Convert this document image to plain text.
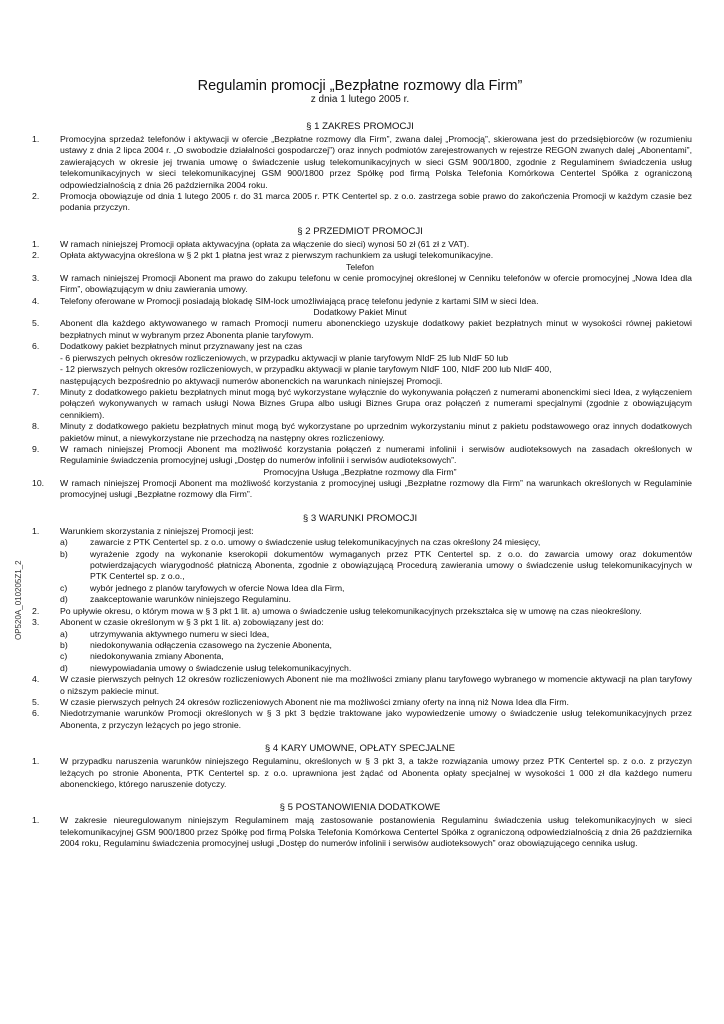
OP520A_010205Z1_2
Regulamin promocji „Bezpłatne rozmowy dla Firm”
z dnia 1 lutego 2005 r.
§ 1 ZAKRES PROMOCJI
1.	Promocyjna sprzedaż telefonów i aktywacji w ofercie „Bezpłatne rozmowy dla Firm”, zwana dalej „Promocją”, skierowana jest do przedsiębiorców (w rozumieniu ustawy z dnia 2 lipca 2004 r. „O swobodzie działalności gospodarczej”) oraz innych podmiotów zarejestrowanych w rejestrze REGON zwanych dalej „Abonentami”, zawierających w okresie jej trwania umowę o świadczenie usług telekomunikacyjnych w sieci GSM 900/1800, zgodnie z Regulaminem świadczenia usług telekomunikacyjnych w sieci telekomunikacyjnej GSM 900/1800 przez Spółkę pod firmą Polska Telefonia Komórkowa Centertel Spółka z ograniczoną odpowiedzialnością z dnia 26 października 2004 roku.
2.	Promocja obowiązuje od dnia 1 lutego 2005 r. do 31 marca 2005 r. PTK Centertel sp. z o.o. zastrzega sobie prawo do zakończenia Promocji w każdym czasie bez podania przyczyn.
§ 2 PRZEDMIOT PROMOCJI
1.	W ramach niniejszej Promocji opłata aktywacyjna (opłata za włączenie do sieci) wynosi 50 zł (61 zł z VAT).
2.	Opłata aktywacyjna określona w § 2 pkt 1 płatna jest wraz z pierwszym rachunkiem za usługi telekomunikacyjne.
Telefon
3.	W ramach niniejszej Promocji Abonent ma prawo do zakupu telefonu w cenie promocyjnej określonej w Cenniku telefonów w ofercie promocyjnej „Nowa Idea dla Firm”, obowiązującym w dniu zawierania umowy.
4.	Telefony oferowane w Promocji posiadają blokadę SIM-lock umożliwiającą pracę telefonu jedynie z kartami SIM w sieci Idea.
Dodatkowy Pakiet Minut
5.	Abonent dla każdego aktywowanego w ramach Promocji numeru abonenckiego uzyskuje dodatkowy pakiet bezpłatnych minut w wysokości równej pakietowi bezpłatnych minut w wybranym przez Abonenta planie taryfowym.
6.	Dodatkowy pakiet bezpłatnych minut przyznawany jest na czas
- 6 pierwszych pełnych okresów rozliczeniowych, w przypadku aktywacji w planie taryfowym NIdF 25 lub NIdF 50 lub
- 12 pierwszych pełnych okresów rozliczeniowych, w przypadku aktywacji w planie taryfowym NIdF 100, NIdF 200 lub NIdF 400,
następujących bezpośrednio po aktywacji numerów abonenckich na warunkach niniejszej Promocji.
7.	Minuty z dodatkowego pakietu bezpłatnych minut mogą być wykorzystane wyłącznie do wykonywania połączeń z numerami abonenckimi sieci Idea, z wyłączeniem połączeń wykonywanych w ramach usługi Nowa Biznes Grupa albo usługi Biznes Grupa oraz połączeń z numerami specjalnymi (zgodnie z obowiązującym cennikiem).
8.	Minuty z dodatkowego pakietu bezpłatnych minut mogą być wykorzystane po uprzednim wykorzystaniu minut z pakietu podstawowego oraz innych dodatkowych pakietów minut, a niewykorzystane nie przechodzą na następny okres rozliczeniowy.
9.	W ramach niniejszej Promocji Abonent ma możliwość korzystania połączeń z numerami infolinii i serwisów audioteksowych na zasadach określonych w Regulaminie świadczenia promocyjnej usługi „Dostęp do numerów infolinii i serwisów audioteksowych”.
Promocyjna Usługa „Bezpłatne rozmowy dla Firm”
10.	W ramach niniejszej Promocji Abonent ma możliwość korzystania z promocyjnej usługi „Bezpłatne rozmowy dla Firm” na warunkach określonych w Regulaminie promocyjnej usługi „Bezpłatne rozmowy dla Firm”.
§ 3 WARUNKI PROMOCJI
1.	Warunkiem skorzystania z niniejszej Promocji jest:
a)	zawarcie z PTK Centertel sp. z o.o. umowy o świadczenie usług telekomunikacyjnych na czas określony 24 miesięcy,
b)	wyrażenie zgody na wykonanie kserokopii dokumentów wymaganych przez PTK Centertel sp. z o.o. do zawarcia umowy oraz dokumentów potwierdzających wiarygodność płatniczą Abonenta, zgodnie z obowiązującą Procedurą zawierania umowy o świadczenie usług telekomunikacyjnych w PTK Centertel sp. z o.o.,
c)	wybór jednego z planów taryfowych w ofercie Nowa Idea dla Firm,
d)	zaakceptowanie warunków niniejszego Regulaminu.
2.	Po upływie okresu, o którym mowa w § 3 pkt 1 lit. a) umowa o świadczenie usług telekomunikacyjnych przekształca się w umowę na czas nieokreślony.
3.	Abonent w czasie określonym w § 3 pkt 1 lit. a) zobowiązany jest do:
a)	utrzymywania aktywnego numeru w sieci Idea,
b)	niedokonywania odłączenia czasowego na życzenie Abonenta,
c)	niedokonywania zmiany Abonenta,
d)	niewypowiadania umowy o świadczenie usług telekomunikacyjnych.
4.	W czasie pierwszych pełnych 12 okresów rozliczeniowych Abonent nie ma możliwości zmiany planu taryfowego wybranego w momencie aktywacji na plan taryfowy o niższym pakiecie minut.
5.	W czasie pierwszych pełnych 24 okresów rozliczeniowych Abonent nie ma możliwości zmiany oferty na inną niż Nowa Idea dla Firm.
6.	Niedotrzymanie warunków Promocji określonych w § 3 pkt 3 będzie traktowane jako wypowiedzenie umowy o świadczenie usług telekomunikacyjnych przez Abonenta, z przyczyn leżących po jego stronie.
§ 4 KARY UMOWNE, OPŁATY SPECJALNE
1.	W przypadku naruszenia warunków niniejszego Regulaminu, określonych w § 3 pkt 3, a także rozwiązania umowy przez PTK Centertel sp. z o.o. z przyczyn leżących po stronie Abonenta, PTK Centertel sp. z o.o. uprawniona jest żądać od Abonenta opłaty specjalnej w wysokości 1 000 zł dla każdego numeru abonenckiego, którego naruszenie dotyczy.
§ 5 POSTANOWIENIA DODATKOWE
1.	W zakresie nieuregulowanym niniejszym Regulaminem mają zastosowanie postanowienia Regulaminu świadczenia usług telekomunikacyjnych w sieci telekomunikacyjnej GSM 900/1800 przez Spółkę pod firmą Polska Telefonia Komórkowa Centertel Spółka z ograniczoną odpowiedzialnością z dnia 26 października 2004 roku, Regulaminu świadczenia promocyjnej usługi „Dostęp do numerów infolinii i serwisów audioteksowych” oraz obowiązującego cennika usług.
